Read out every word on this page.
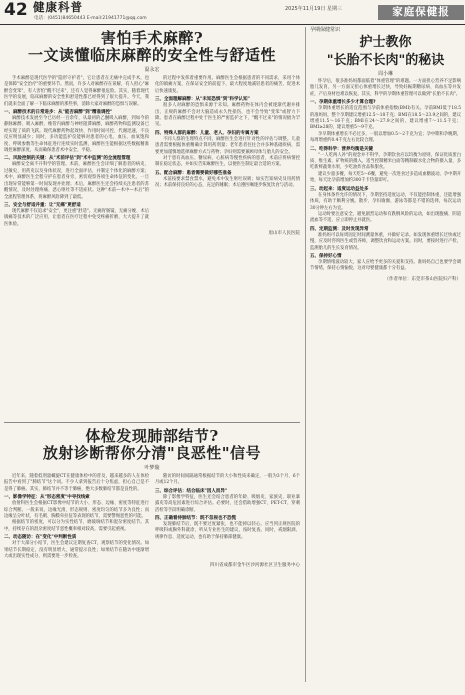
42 健康科普
电话：(0451)84650443 E-mail:21941771@qq.com
2025年11月19日 星期三	家庭保健报
害怕手术麻醉?
一文读懂临床麻醉的安全性与舒适性
温永宏

手术麻醉是现代医学的"隐形守护者"，它让患者在无痛中完成手术，也是保障"安全治疗"的重要环节。然而，许多人对麻醉存在误解，有人担心"麻醉会变笨"，有人害怕"醒不过来"，还有人觉得麻醉很危险。其实，随着现代医学的发展，临床麻醉的安全性和舒适性都已经得到了很大提升。今天，我们就来全面了解一下临床麻醉的那些事，消除大家对麻醉的恐惧与误解。

一、麻醉技术的日常进步：从"能否麻醉"到"精准调控"

麻醉技术发展至今已历经一百余年，从最初的乙醚吸入麻醉，到如今的静脉麻醉、吸入麻醉、椎管内麻醉与神经阻滞麻醉，麻醉药物和监测设备已经实现了质的飞跃。现代麻醉药物起效快、作用时间可控、代谢迅速，不良反应明显减少；同时，多功能监护仪能够对患者的心电、血压、血氧饱和度、呼吸参数等生命体征进行连续实时监测，麻醉医生能根据这些数据精准调控麻醉深度，从而确保患者术中安全、平稳。

二、风险控制的关键：从"术前评估"到"术中监测"的全流程管理

麻醉安全离不开科学的管理。术前，麻醉医生会详细了解患者的病史、过敏史、用药史以及身体状况，进行全面评估，并制定个体化的麻醉方案；术中，麻醉医生全程守护在患者身旁，密切观察各项生命体征的变化，一旦出现异常能够第一时间发现并处理；术后，麻醉医生还会持续关注患者的苏醒情况，及时处理疼痛、恶心呕吐等不适症状。这种"术前—术中—术后"的全流程管理体系，将麻醉风险降到了最低。

三、安全与舒适并重：让"无痛"更舒适

现代麻醉不仅追求"安全"，更注重"舒适"。无痛胃肠镜、无痛分娩、术后镇痛等技术的广泛应用，让患者在医疗过程中免受疼痛折磨，大大提升了就医体验。

的过程中发挥着重要作用。麻醉医生会根据患者的不同需求，采用个体化的镇痛方案，在保证安全的前提下，最大程度地减轻患者的痛苦，促进术后快速康复。

三、全面理解麻醉：从"未知恐惧"到"科学认知"

很多人对麻醉的恐惧来源于未知。麻醉药物在体内会被逐渐代谢并排出，正规的麻醉不会对大脑造成永久性损伤，也不会导致"变笨"或智力下降。患者在麻醉过程中处于医生的严密监护之下，"醒不过来"的情况极为罕见。

四、特殊人群的麻醉：儿童、老人、孕妇的专属方案

不同人群的生理特点不同，麻醉医生会进行针对性的评估与调整。儿童患者需要根据体重精确计算用药剂量；老年患者往往合并多种基础疾病，需要更加谨慎地选择麻醉方式与药物；孕妇则需要兼顾母体与胎儿的安全。

对于患有高血压、糖尿病、心脏病等慢性疾病的患者，术前应将病情控制在稳定状态，并如实告知麻醉医生，以便医生制定最合适的方案。

五、配合麻醉：患者需要做好哪些准备

术前按要求禁食禁水，避免术中发生呕吐误吸；如实告知病史及用药情况；术前保持良好的心态，充足的睡眠；术后遵医嘱逐步恢复饮食与活动。

眉山市人民医院
体检发现肺部结节?
放射诊断帮你分清"良恶性"信号
叶梦璇

近年来，随着低剂量螺旋CT在健康体检中的普及，越来越多的人在体检报告中看到了"肺结节"这个词。不少人拿到报告后十分焦虑，担心自己是不是得了肺癌。其实，肺结节并不等于肺癌，绝大多数肺结节都是良性的。

一、影像学特征：从"形态密度"中寻找线索

放射科医生会根据CT影像中结节的大小、形态、边缘、密度等特征进行综合判断。一般来说，边缘光滑、形态规则、密度均匀的结节多为良性；而边缘呈分叶状、有毛刺、胸膜牵拉征等表现的结节，需要警惕恶性的可能。

根据结节的密度，可以分为实性结节、磨玻璃结节和混杂密度结节。其中，持续存在的混杂密度结节恶性概率相对较高，需要引起重视。

二、动态随访：在"变化"中判断性质

对于大部分小结节，医生会建议定期复查CT，观察结节的变化情况。如果结节长期稳定，没有明显增大，通常提示良性；如果结节在随访中逐渐增大或出现实性成分，则需要进一步检查。

随访的时间间隔通常根据结节的大小和性质来确定，一般为3个月、6个月或12个月。

三、综合评估：结合临床"因人而异"

除了影像学特征，医生还会结合患者的年龄、吸烟史、家族史、职业暴露史等高危因素进行综合评估。必要时，还会借助增强CT、PET-CT、穿刺活检等手段明确诊断。

四、正确看待肺结节：既不忽视也不恐慌

发现肺结节后，既不要过度紧张，也不能掉以轻心。应当到正规医院的呼吸科或胸外科就诊，听从专业医生的建议，按时复查。同时，戒烟限酒、规律作息、适度运动，也有助于保持肺部健康。

四川省成都市金牛区沙河源社区卫生服务中心
孕期保健常识
护士教你
"长胎不长肉"的秘诀
周小琳

怀孕后，很多准妈妈都面临着"体重管理"的难题。一方面担心营养不足影响胎儿发育，另一方面又担心体重增长过快，导致妊娠期糖尿病、高血压等并发症，产后身材也难以恢复。其实，科学的孕期体重管理可以做到"长胎不长肉"。

一、孕期体重增长多少才算合理?

孕期体重增长的适宜范围与孕前体重指数(BMI)有关。孕前BMI低于18.5的准妈妈，整个孕期建议增重12.5～18千克；BMI在18.5～23.9之间的，建议增重11.5～16千克；BMI在24～27.9之间的，建议增重7～11.5千克；BMI≥28的，建议增重5～9千克。

孕早期体重增长不必过多，一般以增加0.5～2千克为宜；孕中期和孕晚期，每周增重约0.4千克左右比较合理。

二、吃得科学：营养均衡是关键

"一人吃两人补"的观念并不科学。孕期饮食应以均衡为原则，保证优质蛋白质、维生素、矿物质的摄入，适当控制精米白面等精制碳水化合物的摄入量，多吃新鲜蔬菜水果，少吃油炸食品和甜食。

建议少量多餐，每天吃5～6餐，避免一次进食过多造成血糖波动。孕中期开始，每天比孕前增加约300千卡热量即可。

三、动起来：适度运动益处多

在身体条件允许的情况下，孕期坚持适度运动，不仅能控制体重，还能增强体质，有助于顺利分娩。散步、孕妇瑜伽、游泳等都是不错的选择，每次运动30分钟左右为宜。

运动时要注意安全，避免剧烈运动和有跌倒风险的运动，如出现腹痛、阴道流血等不适，应立即停止并就医。

四、定期监测：及时发现异常

准妈妈可以每周固定时间测量体重，并做好记录。如发现体重增长过快或过慢，应及时咨询医生或营养师，调整饮食和运动方案。同时，要按时进行产检，监测胎儿的生长发育情况。

五、保持好心情

孕期情绪波动较大，家人应给予更多的关爱和支持。准妈妈自己也要学会调节情绪，保持心情愉悦，这对母婴健康都十分有益。

（作者单位：东莞市茶山医院妇产科）
